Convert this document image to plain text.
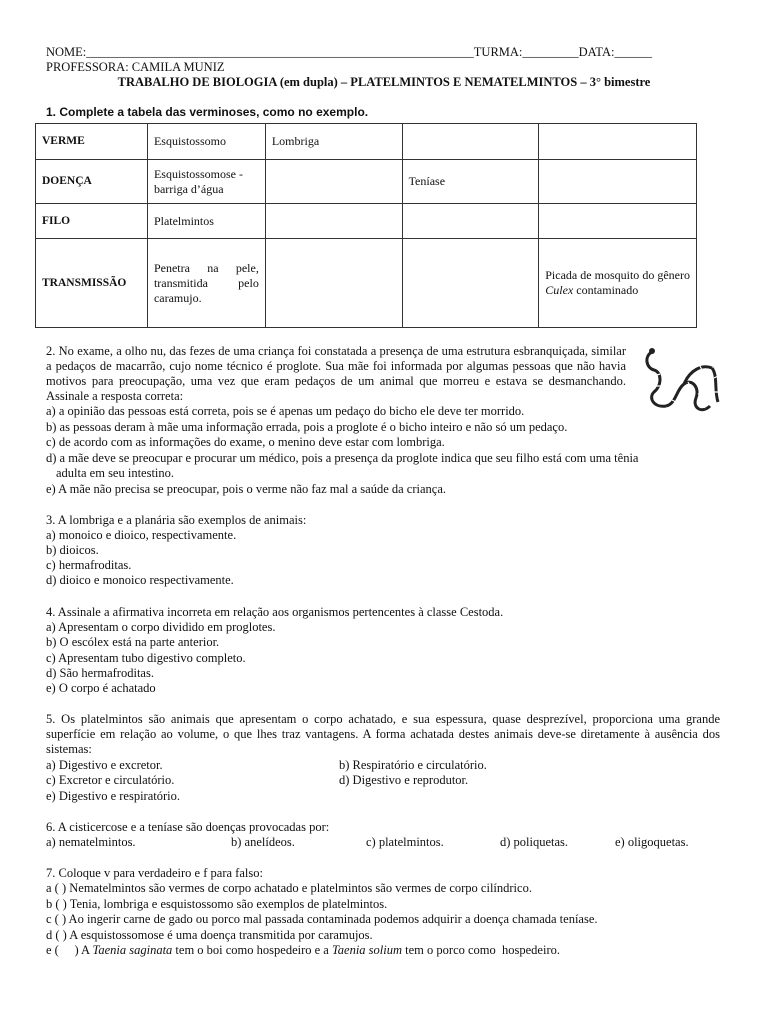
NOME:______________________________________________________________TURMA:_________DATA:______
PROFESSORA: CAMILA MUNIZ
TRABALHO DE BIOLOGIA (em dupla) – PLATELMINTOS E NEMATELMINTOS – 3° bimestre
1. Complete a tabela das verminoses, como no exemplo.
VERME	Esquistossomo	Lombriga		
DOENÇA	Esquistossomose - barriga d’água		Teníase	
FILO	Platelmintos			
TRANSMISSÃO	Penetra na pele, transmitida pelo caramujo.			Picada de mosquito do gênero Culex contaminado
2. No exame, a olho nu, das fezes de uma criança foi constatada a presença de uma estrutura esbranquiçada, similar a pedaços de macarrão, cujo nome técnico é proglote. Sua mãe foi informada por algumas pessoas que não havia motivos para preocupação, uma vez que eram pedaços de um animal que morreu e estava se desmanchando. Assinale a resposta correta:
a) a opinião das pessoas está correta, pois se é apenas um pedaço do bicho ele deve ter morrido.
b) as pessoas deram à mãe uma informação errada, pois a proglote é o bicho inteiro e não só um pedaço.
c) de acordo com as informações do exame, o menino deve estar com lombriga.
d) a mãe deve se preocupar e procurar um médico, pois a presença da proglote indica que seu filho está com uma tênia
adulta em seu intestino.
e) A mãe não precisa se preocupar, pois o verme não faz mal a saúde da criança.
3. A lombriga e a planária são exemplos de animais:
a) monoico e dioico, respectivamente.
b) dioicos.
c) hermafroditas.
d) dioico e monoico respectivamente.
4. Assinale a afirmativa incorreta em relação aos organismos pertencentes à classe Cestoda.
a) Apresentam o corpo dividido em proglotes.
b) O escólex está na parte anterior.
c) Apresentam tubo digestivo completo.
d) São hermafroditas.
e) O corpo é achatado
5. Os platelmintos são animais que apresentam o corpo achatado, e sua espessura, quase desprezível, proporciona uma grande superfície em relação ao volume, o que lhes traz vantagens. A forma achatada destes animais deve-se diretamente à ausência dos sistemas:
a) Digestivo e excretor.	b) Respiratório e circulatório.
c) Excretor e circulatório.	d) Digestivo e reprodutor.
e) Digestivo e respiratório.
6. A cisticercose e a teníase são doenças provocadas por:
a) nematelmintos.	b) anelídeos.	c) platelmintos.	d) poliquetas.	e) oligoquetas.
7. Coloque v para verdadeiro e f para falso:
a ( ) Nematelmintos são vermes de corpo achatado e platelmintos são vermes de corpo cilíndrico.
b ( ) Tenia, lombriga e esquistossomo são exemplos de platelmintos.
c ( ) Ao ingerir carne de gado ou porco mal passada contaminada podemos adquirir a doença chamada teníase.
d ( ) A esquistossomose é uma doença transmitida por caramujos.
e (     ) A Taenia saginata tem o boi como hospedeiro e a Taenia solium tem o porco como  hospedeiro.
